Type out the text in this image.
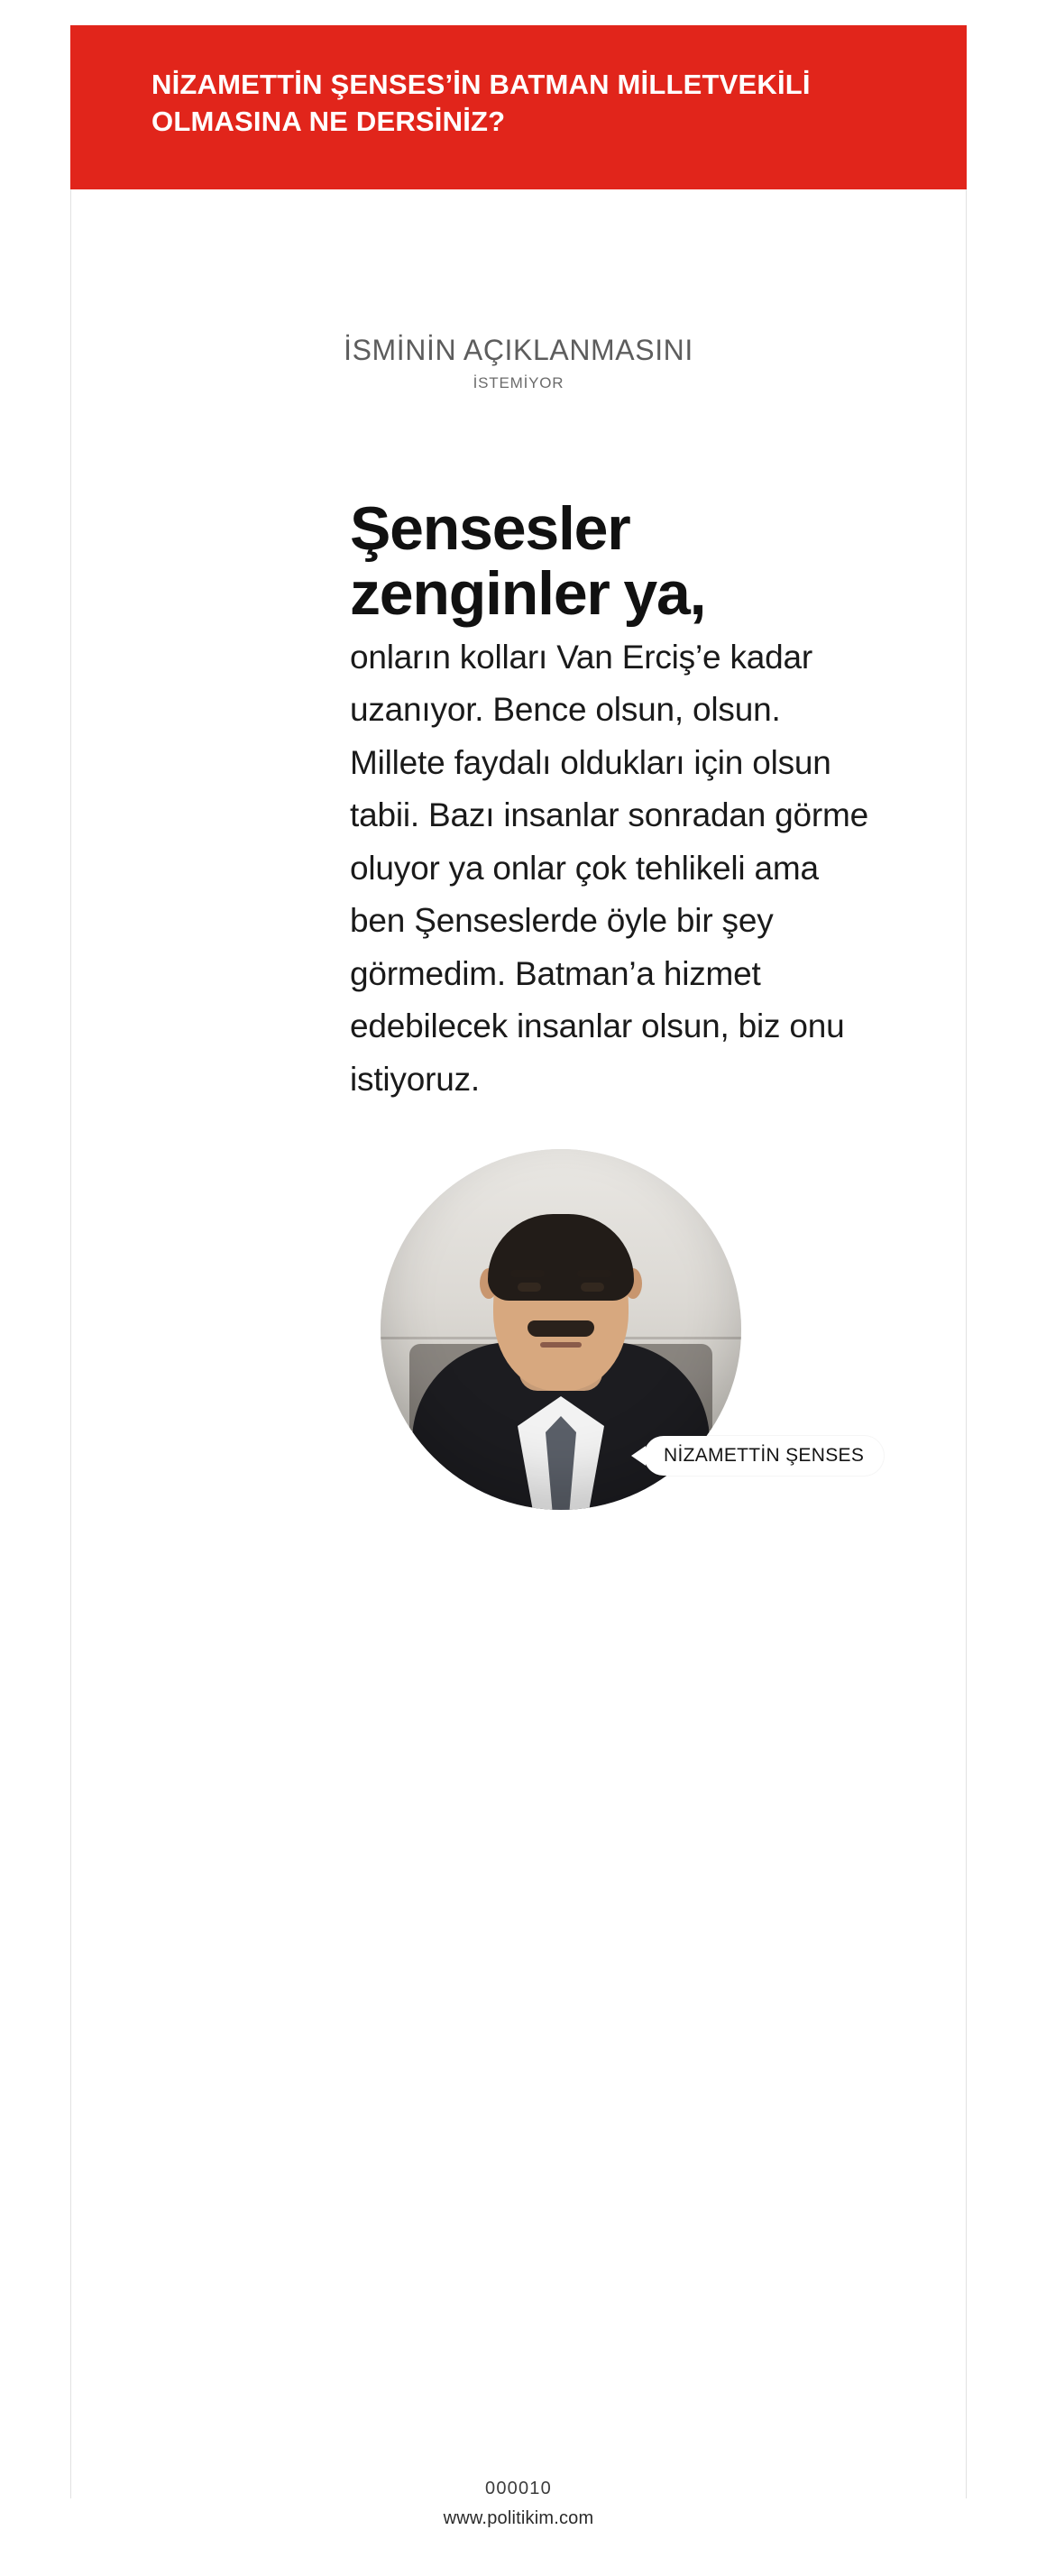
NİZAMETTİN ŞENSES’İN BATMAN MİLLETVEKİLİ OLMASINA NE DERSİNİZ?

İSMİNİN AÇIKLANMASINI

İSTEMİYOR

Şensesler zenginler ya,

onların kolları Van Erciş’e kadar uzanıyor. Bence olsun, olsun. Millete faydalı oldukları için olsun tabii. Bazı insanlar sonradan görme oluyor ya onlar çok tehlikeli ama ben Şenseslerde öyle bir şey görmedim. Batman’a hizmet edebilecek insanlar olsun, biz onu istiyoruz.

NİZAMETTİN ŞENSES

000010

www.politikim.com
